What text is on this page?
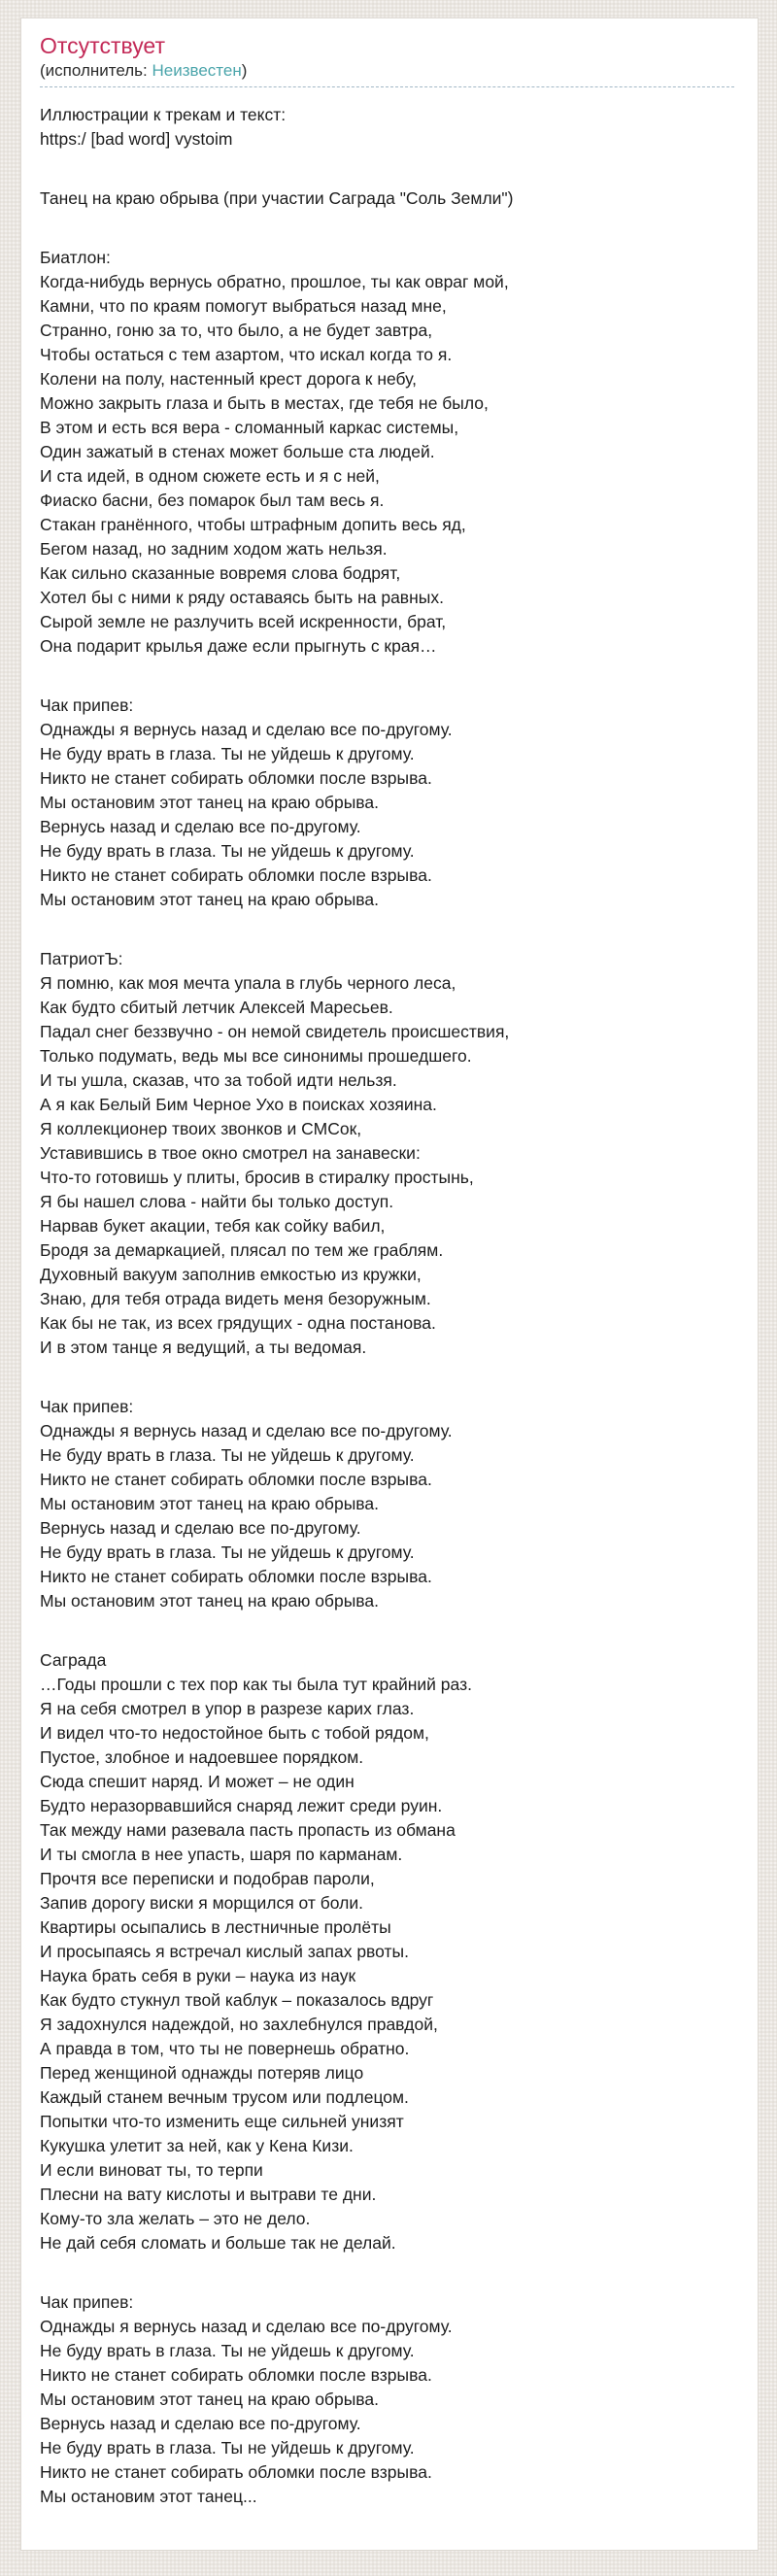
Отсутствует
(исполнитель: Неизвестен)

Иллюстрации к трекам и текст:
https:/ [bad word] vystoim

Танец на краю обрыва (при участии Саграда "Соль Земли")

Биатлон:
Когда-нибудь вернусь обратно, прошлое, ты как овраг мой,
Камни, что по краям помогут выбраться назад мне,
Странно, гоню за то, что было, а не будет завтра,
Чтобы остаться с тем азартом, что искал когда то я.
Колени на полу, настенный крест дорога к небу,
Можно закрыть глаза и быть в местах, где тебя не было,
В этом и есть вся вера - сломанный каркас системы,
Один зажатый в стенах может больше ста людей.
И ста идей, в одном сюжете есть и я с ней,
Фиаско басни, без помарок был там весь я.
Стакан гранённого, чтобы штрафным допить весь яд,
Бегом назад, но задним ходом жать нельзя.
Как сильно сказанные вовремя слова бодрят,
Хотел бы с ними к ряду оставаясь быть на равных.
Сырой земле не разлучить всей искренности, брат,
Она подарит крылья даже если прыгнуть с края…

Чак припев:
Однажды я вернусь назад и сделаю все по-другому.
Не буду врать в глаза. Ты не уйдешь к другому.
Никто не станет собирать обломки после взрыва.
Мы остановим этот танец на краю обрыва.
Вернусь назад и сделаю все по-другому.
Не буду врать в глаза. Ты не уйдешь к другому.
Никто не станет собирать обломки после взрыва.
Мы остановим этот танец на краю обрыва.

ПатриотЪ:
Я помню, как моя мечта упала в глубь черного леса,
Как будто сбитый летчик Алексей Маресьев.
Падал снег беззвучно - он немой свидетель происшествия,
Только подумать, ведь мы все синонимы прошедшего.
И ты ушла, сказав, что за тобой идти нельзя.
А я как Белый Бим Черное Ухо в поисках хозяина.
Я коллекционер твоих звонков и СМСок,
Уставившись в твое окно смотрел на занавески:
Что-то готовишь у плиты, бросив в стиралку простынь,
Я бы нашел слова - найти бы только доступ.
Нарвав букет акации, тебя как сойку вабил,
Бродя за демаркацией, плясал по тем же граблям.
Духовный вакуум заполнив емкостью из кружки,
Знаю, для тебя отрада видеть меня безоружным.
Как бы не так, из всех грядущих - одна постанова.
И в этом танце я ведущий, а ты ведомая.

Чак припев:
Однажды я вернусь назад и сделаю все по-другому.
Не буду врать в глаза. Ты не уйдешь к другому.
Никто не станет собирать обломки после взрыва.
Мы остановим этот танец на краю обрыва.
Вернусь назад и сделаю все по-другому.
Не буду врать в глаза. Ты не уйдешь к другому.
Никто не станет собирать обломки после взрыва.
Мы остановим этот танец на краю обрыва.

Саграда
…Годы прошли с тех пор как ты была тут крайний раз.
Я на себя смотрел в упор в разрезе карих глаз.
И видел что-то недостойное быть с тобой рядом,
Пустое, злобное и надоевшее порядком.
Сюда спешит наряд. И может – не один
Будто неразорвавшийся снаряд лежит среди руин.
Так между нами разевала пасть пропасть из обмана
И ты смогла в нее упасть, шаря по карманам.
Прочтя все переписки и подобрав пароли,
Запив дорогу виски я морщился от боли.
Квартиры осыпались в лестничные пролёты
И просыпаясь я встречал кислый запах рвоты.
Наука брать себя в руки – наука из наук
Как будто стукнул твой каблук – показалось вдруг
Я задохнулся надеждой, но захлебнулся правдой,
А правда в том, что ты не повернешь обратно.
Перед женщиной однажды потеряв лицо
Каждый станем вечным трусом или подлецом.
Попытки что-то изменить еще сильней унизят
Кукушка улетит за ней, как у Кена Кизи.
И если виноват ты, то терпи
Плесни на вату кислоты и вытрави те дни.
Кому-то зла желать – это не дело.
Не дай себя сломать и больше так не делай.

Чак припев:
Однажды я вернусь назад и сделаю все по-другому.
Не буду врать в глаза. Ты не уйдешь к другому.
Никто не станет собирать обломки после взрыва.
Мы остановим этот танец на краю обрыва.
Вернусь назад и сделаю все по-другому.
Не буду врать в глаза. Ты не уйдешь к другому.
Никто не станет собирать обломки после взрыва.
Мы остановим этот танец...
